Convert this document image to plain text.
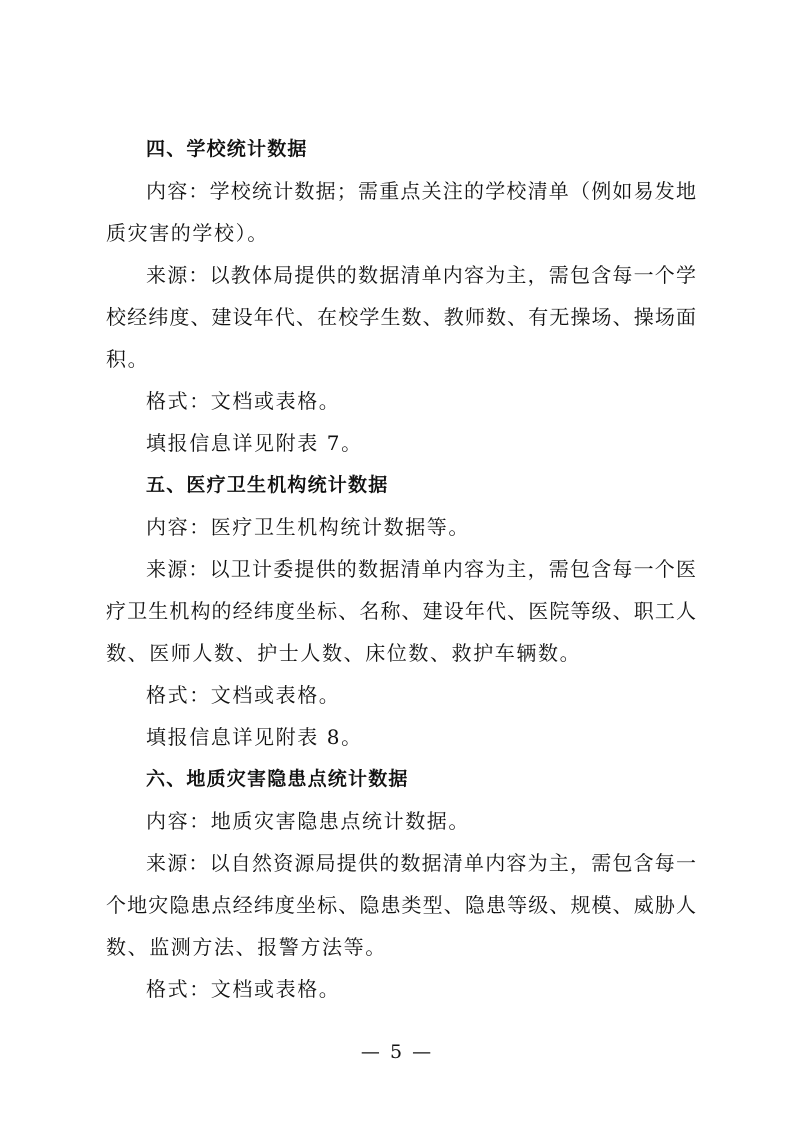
四、学校统计数据
内容：学校统计数据；需重点关注的学校清单（例如易发地
质灾害的学校）。
来源：以教体局提供的数据清单内容为主，需包含每一个学
校经纬度、建设年代、在校学生数、教师数、有无操场、操场面
积。
格式：文档或表格。
填报信息详见附表 7。
五、医疗卫生机构统计数据
内容：医疗卫生机构统计数据等。
来源：以卫计委提供的数据清单内容为主，需包含每一个医
疗卫生机构的经纬度坐标、名称、建设年代、医院等级、职工人
数、医师人数、护士人数、床位数、救护车辆数。
格式：文档或表格。
填报信息详见附表 8。
六、地质灾害隐患点统计数据
内容：地质灾害隐患点统计数据。
来源：以自然资源局提供的数据清单内容为主，需包含每一
个地灾隐患点经纬度坐标、隐患类型、隐患等级、规模、威胁人
数、监测方法、报警方法等。
格式：文档或表格。
— 5 —
